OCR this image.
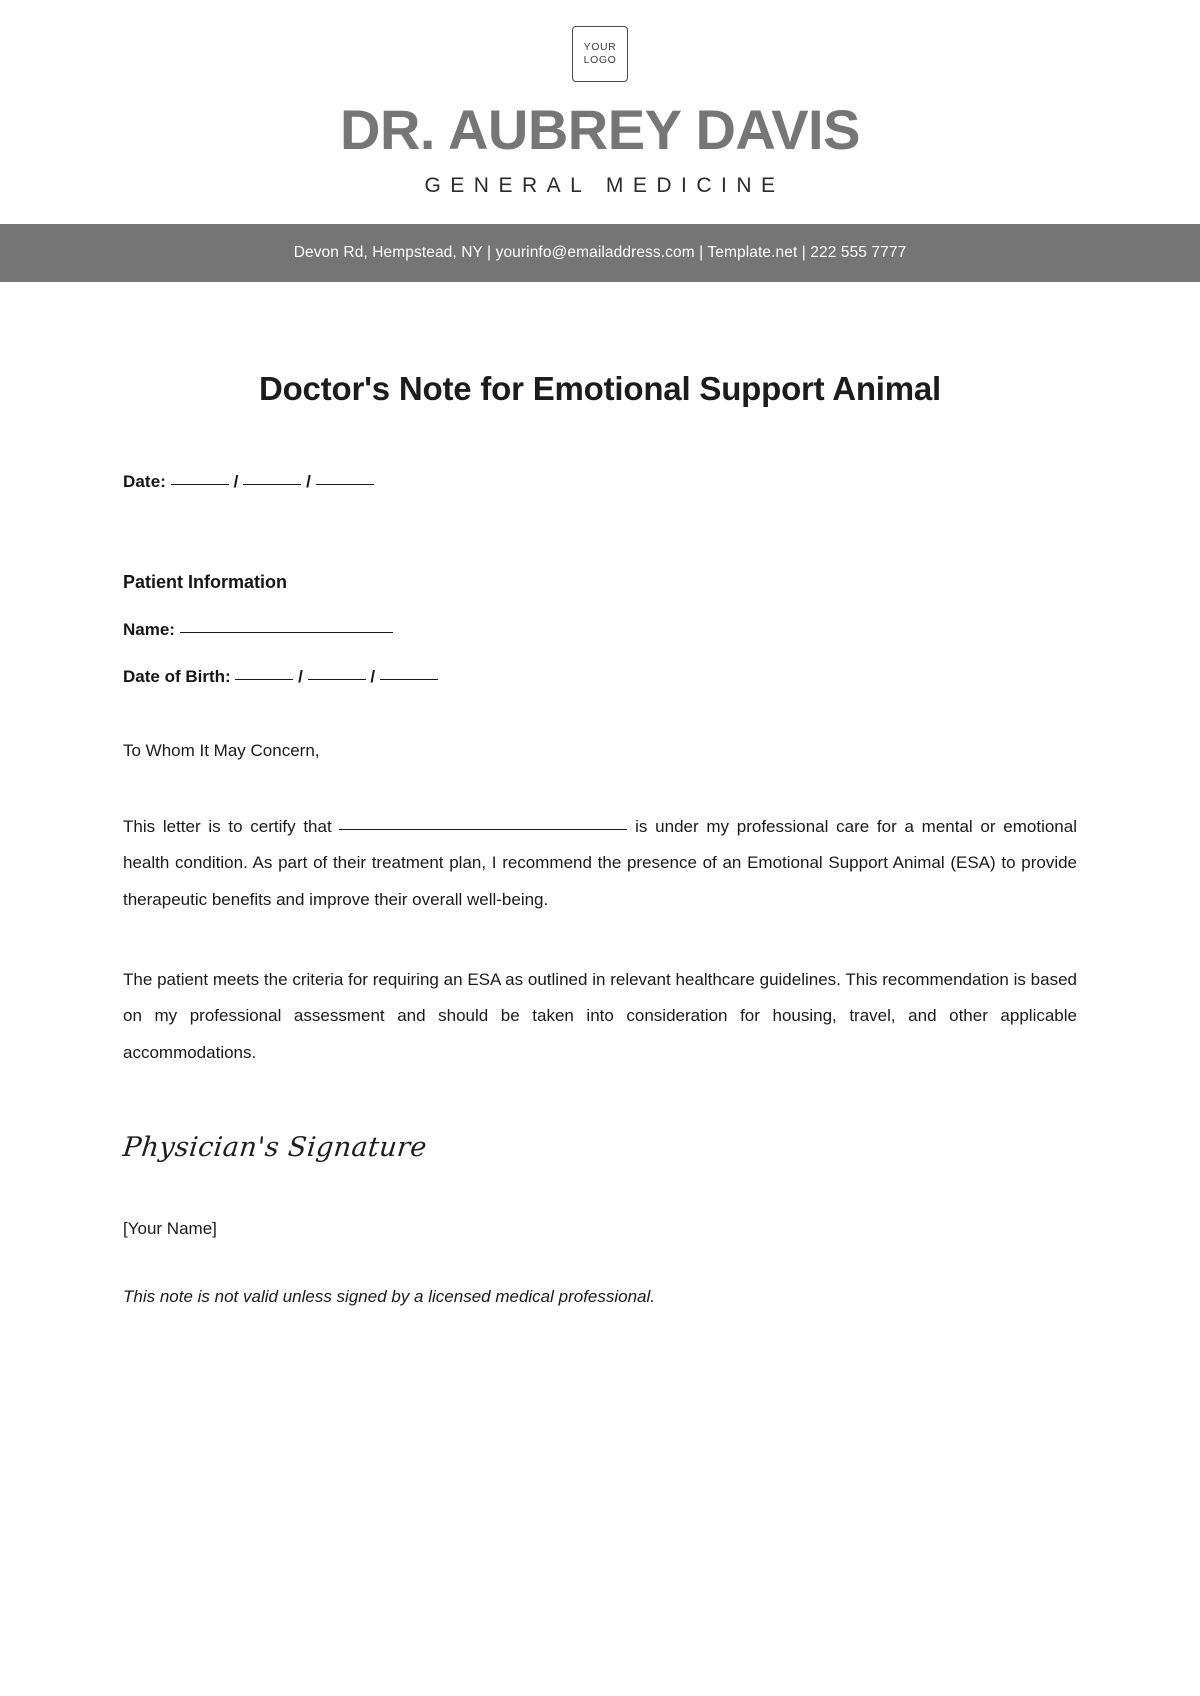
YOUR
LOGO
DR. AUBREY DAVIS
GENERAL MEDICINE
Devon Rd, Hempstead, NY | yourinfo@emailaddress.com | Template.net | 222 555 7777
Doctor's Note for Emotional Support Animal
Date:	/	/
Patient Information
Name:
Date of Birth:	/	/

To Whom It May Concern,

This letter is to certify that	is under my professional care for a mental or emotional health condition. As part of their treatment plan, I recommend the presence of an Emotional Support Animal (ESA) to provide therapeutic benefits and improve their overall well-being.

The patient meets the criteria for requiring an ESA as outlined in relevant healthcare guidelines. This recommendation is based on my professional assessment and should be taken into consideration for housing, travel, and other applicable accommodations.

Physician's Signature

[Your Name]

This note is not valid unless signed by a licensed medical professional.
